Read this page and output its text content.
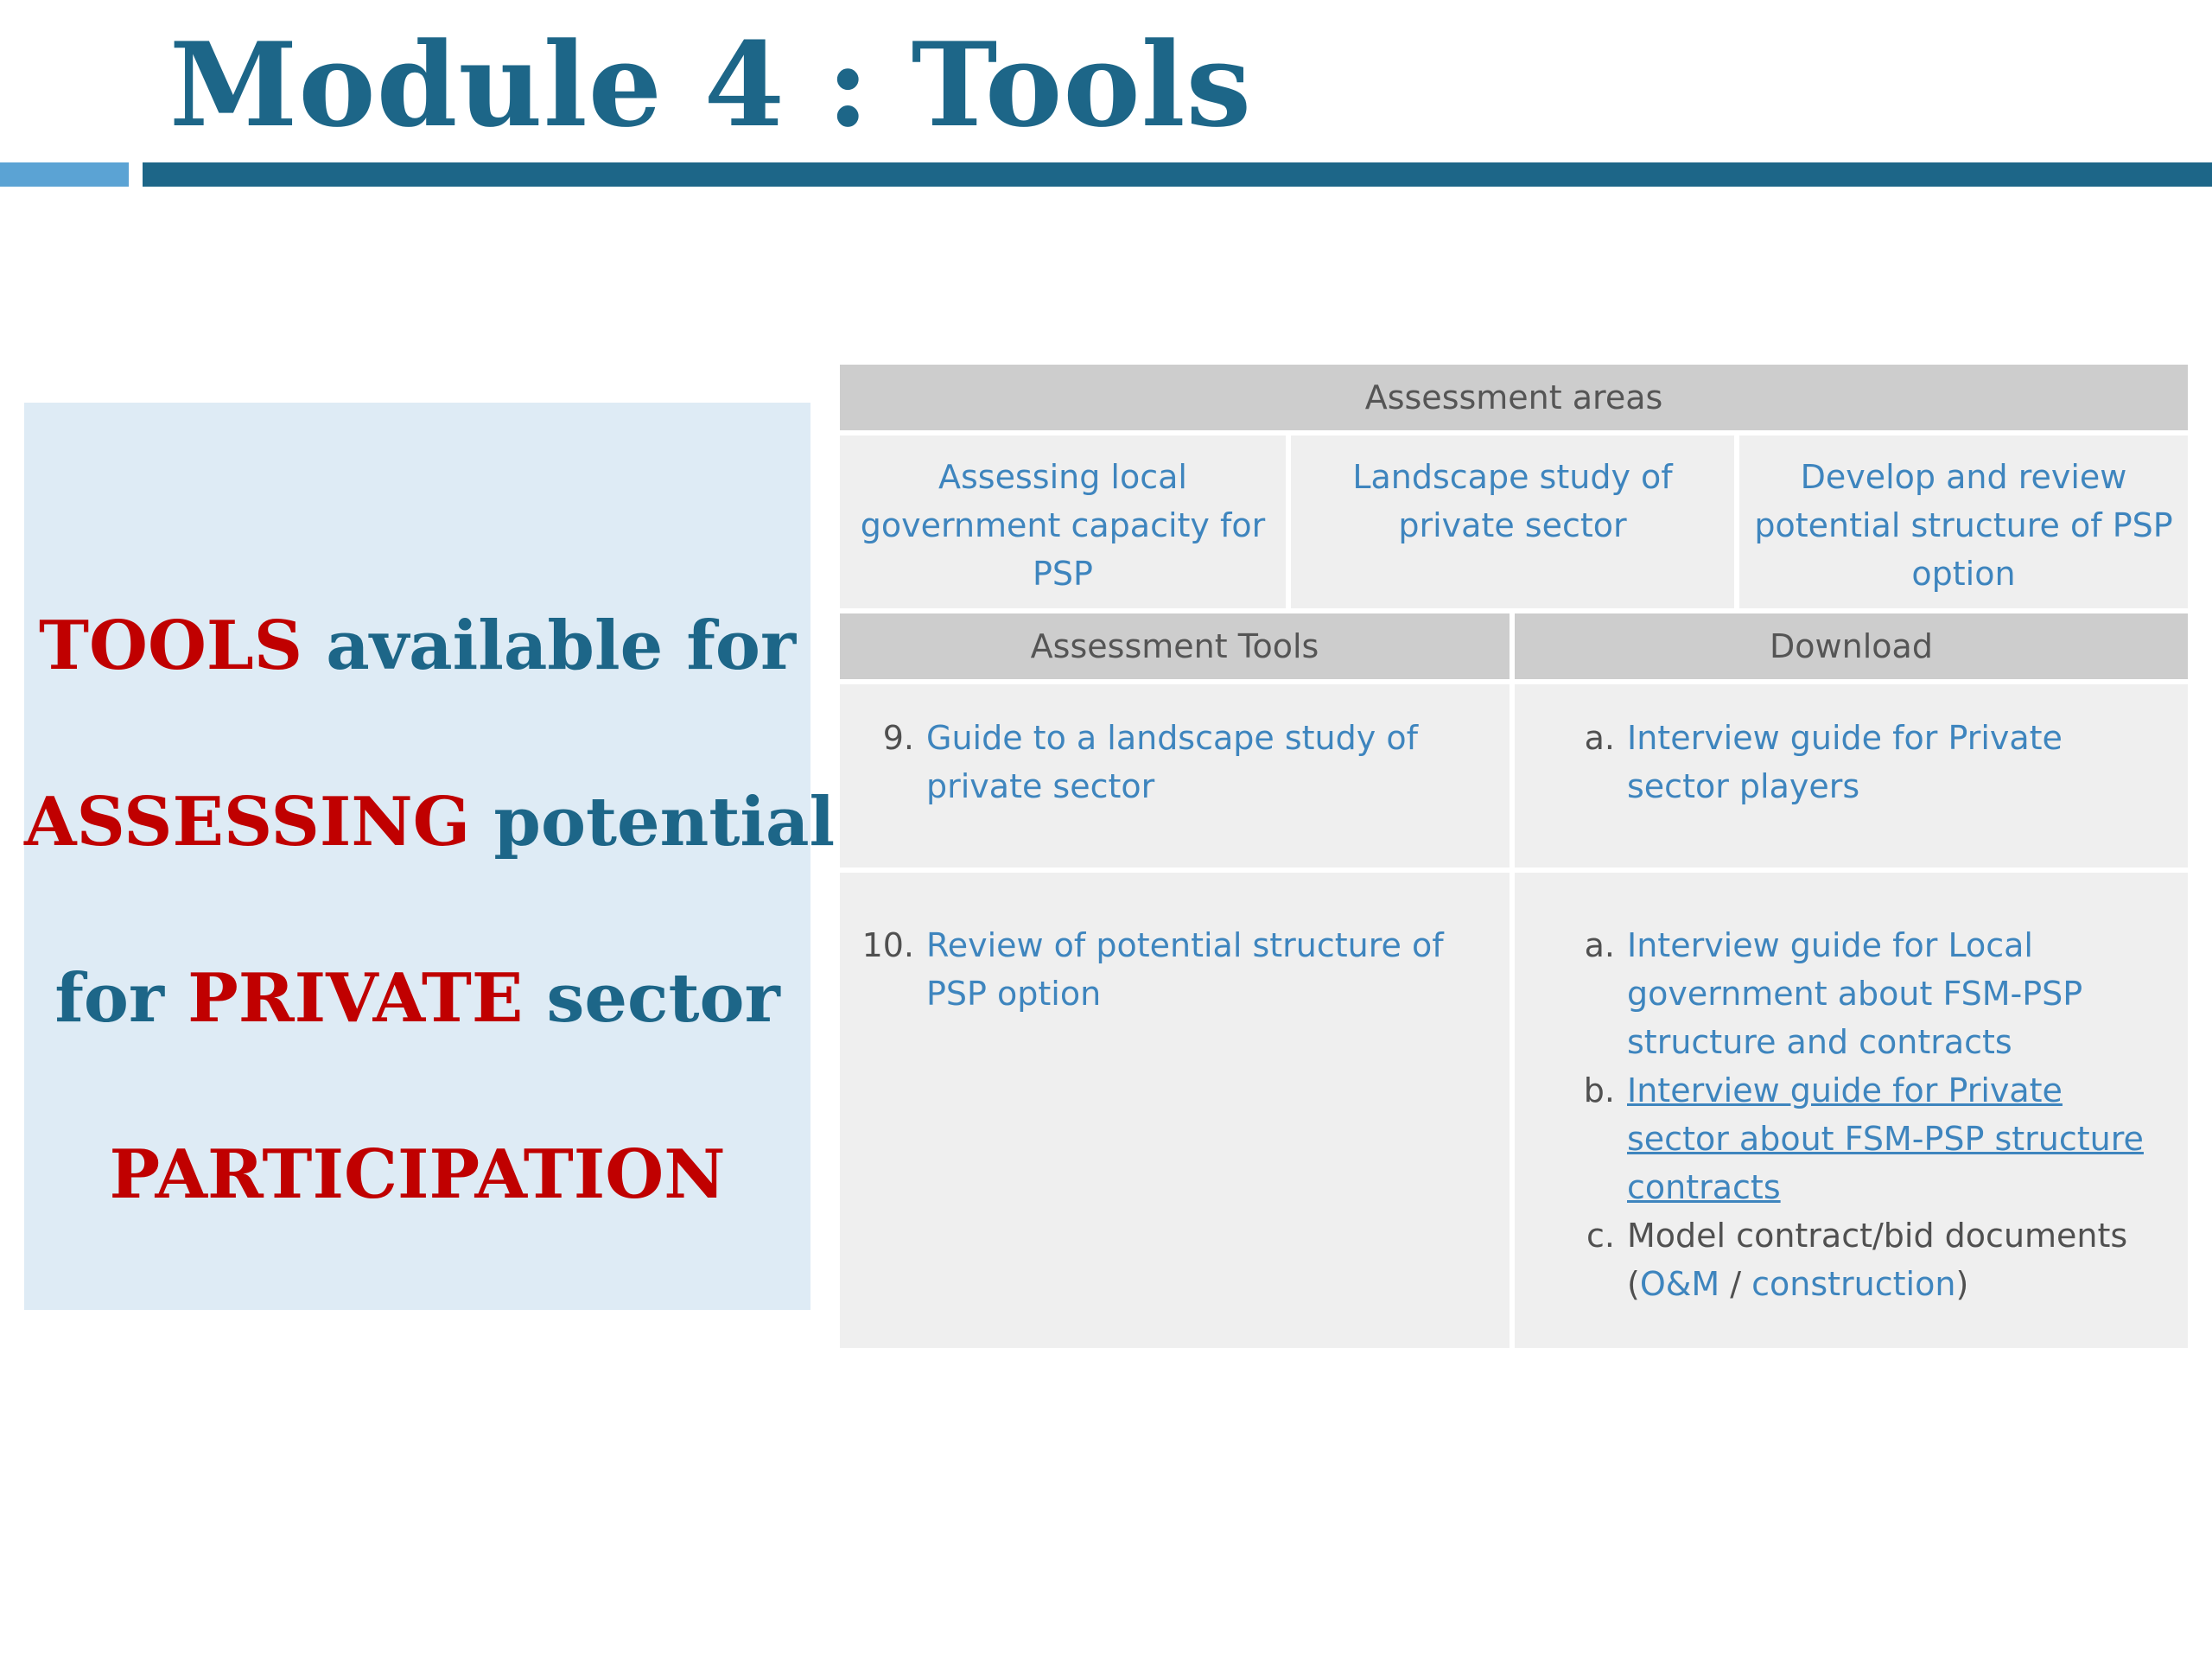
Module 4 : Tools
TOOLS available for
ASSESSING potential
for PRIVATE sector
PARTICIPATION
Assessment areas
Assessing local government capacity for PSP
Landscape study of private sector
Develop and review potential structure of PSP option
Assessment Tools	Download
9. Guide to a landscape study of private sector
a. Interview guide for Private sector players
10. Review of potential structure of PSP option
a. Interview guide for Local government about FSM-PSP structure and contracts
b. Interview guide for Private sector about FSM-PSP structure contracts
c. Model contract/bid documents (O&M / construction)
